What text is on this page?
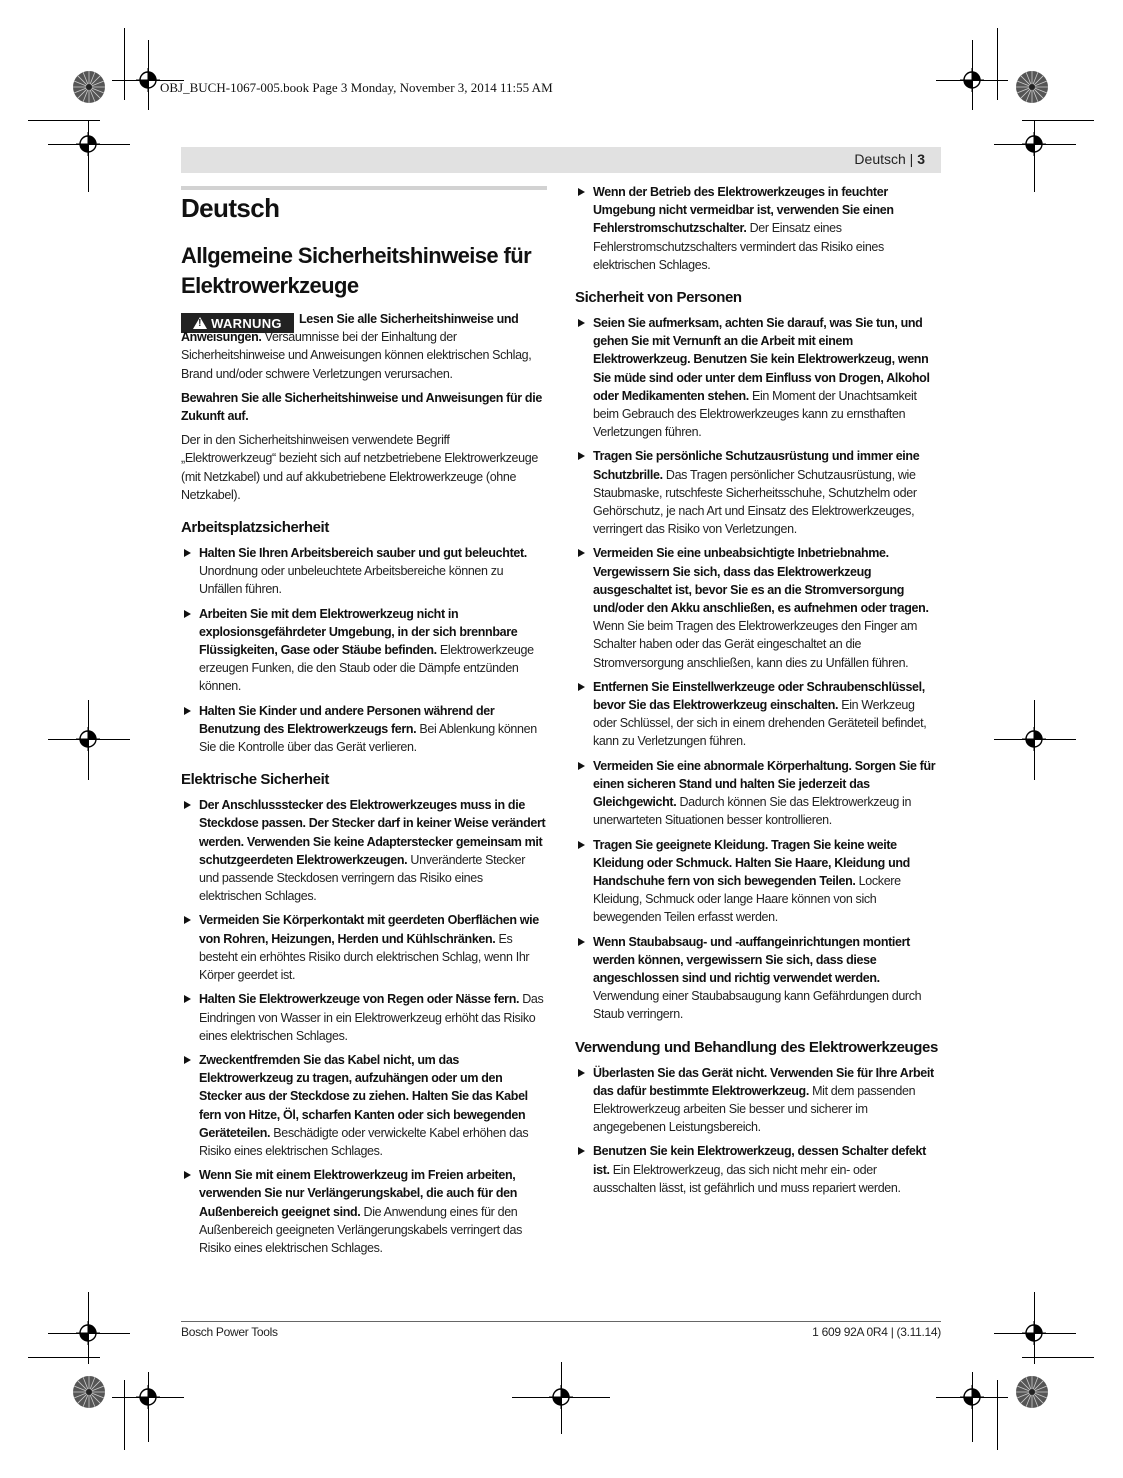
OBJ_BUCH-1067-005.book Page 3 Monday, November 3, 2014 11:55 AM
Deutsch | 3
Deutsch
Allgemeine Sicherheitshinweise für
Elektrowerkzeuge
! WARNUNG	Lesen Sie alle Sicherheitshinweise und Anweisungen. Versäumnisse bei der Einhaltung der Sicherheitshinweise und Anweisungen können elektrischen Schlag, Brand und/oder schwere Verletzungen verursachen.

Bewahren Sie alle Sicherheitshinweise und Anweisungen für die Zukunft auf.

Der in den Sicherheitshinweisen verwendete Begriff „Elektrowerkzeug“ bezieht sich auf netzbetriebene Elektrowerkzeuge (mit Netzkabel) und auf akkubetriebene Elektrowerkzeuge (ohne Netzkabel).

Arbeitsplatzsicherheit
Halten Sie Ihren Arbeitsbereich sauber und gut beleuchtet. Unordnung oder unbeleuchtete Arbeitsbereiche können zu Unfällen führen.
Arbeiten Sie mit dem Elektrowerkzeug nicht in explosionsgefährdeter Umgebung, in der sich brennbare Flüssigkeiten, Gase oder Stäube befinden. Elektrowerkzeuge erzeugen Funken, die den Staub oder die Dämpfe entzünden können.
Halten Sie Kinder und andere Personen während der Benutzung des Elektrowerkzeugs fern. Bei Ablenkung können Sie die Kontrolle über das Gerät verlieren.
Elektrische Sicherheit
Der Anschlussstecker des Elektrowerkzeuges muss in die Steckdose passen. Der Stecker darf in keiner Weise verändert werden. Verwenden Sie keine Adapterstecker gemeinsam mit schutzgeerdeten Elektrowerkzeugen. Unveränderte Stecker und passende Steckdosen verringern das Risiko eines elektrischen Schlages.
Vermeiden Sie Körperkontakt mit geerdeten Oberflächen wie von Rohren, Heizungen, Herden und Kühlschränken. Es besteht ein erhöhtes Risiko durch elektrischen Schlag, wenn Ihr Körper geerdet ist.
Halten Sie Elektrowerkzeuge von Regen oder Nässe fern. Das Eindringen von Wasser in ein Elektrowerkzeug erhöht das Risiko eines elektrischen Schlages.
Zweckentfremden Sie das Kabel nicht, um das Elektrowerkzeug zu tragen, aufzuhängen oder um den Stecker aus der Steckdose zu ziehen. Halten Sie das Kabel fern von Hitze, Öl, scharfen Kanten oder sich bewegenden Geräteteilen. Beschädigte oder verwickelte Kabel erhöhen das Risiko eines elektrischen Schlages.
Wenn Sie mit einem Elektrowerkzeug im Freien arbeiten, verwenden Sie nur Verlängerungskabel, die auch für den Außenbereich geeignet sind. Die Anwendung eines für den Außenbereich geeigneten Verlängerungskabels verringert das Risiko eines elektrischen Schlages.
Wenn der Betrieb des Elektrowerkzeuges in feuchter Umgebung nicht vermeidbar ist, verwenden Sie einen Fehlerstromschutzschalter. Der Einsatz eines Fehlerstromschutzschalters vermindert das Risiko eines elektrischen Schlages.
Sicherheit von Personen
Seien Sie aufmerksam, achten Sie darauf, was Sie tun, und gehen Sie mit Vernunft an die Arbeit mit einem Elektrowerkzeug. Benutzen Sie kein Elektrowerkzeug, wenn Sie müde sind oder unter dem Einfluss von Drogen, Alkohol oder Medikamenten stehen. Ein Moment der Unachtsamkeit beim Gebrauch des Elektrowerkzeuges kann zu ernsthaften Verletzungen führen.
Tragen Sie persönliche Schutzausrüstung und immer eine Schutzbrille. Das Tragen persönlicher Schutzausrüstung, wie Staubmaske, rutschfeste Sicherheitsschuhe, Schutzhelm oder Gehörschutz, je nach Art und Einsatz des Elektrowerkzeuges, verringert das Risiko von Verletzungen.
Vermeiden Sie eine unbeabsichtigte Inbetriebnahme. Vergewissern Sie sich, dass das Elektrowerkzeug ausgeschaltet ist, bevor Sie es an die Stromversorgung und/oder den Akku anschließen, es aufnehmen oder tragen. Wenn Sie beim Tragen des Elektrowerkzeuges den Finger am Schalter haben oder das Gerät eingeschaltet an die Stromversorgung anschließen, kann dies zu Unfällen führen.
Entfernen Sie Einstellwerkzeuge oder Schraubenschlüssel, bevor Sie das Elektrowerkzeug einschalten. Ein Werkzeug oder Schlüssel, der sich in einem drehenden Geräteteil befindet, kann zu Verletzungen führen.
Vermeiden Sie eine abnormale Körperhaltung. Sorgen Sie für einen sicheren Stand und halten Sie jederzeit das Gleichgewicht. Dadurch können Sie das Elektrowerkzeug in unerwarteten Situationen besser kontrollieren.
Tragen Sie geeignete Kleidung. Tragen Sie keine weite Kleidung oder Schmuck. Halten Sie Haare, Kleidung und Handschuhe fern von sich bewegenden Teilen. Lockere Kleidung, Schmuck oder lange Haare können von sich bewegenden Teilen erfasst werden.
Wenn Staubabsaug- und -auffangeinrichtungen montiert werden können, vergewissern Sie sich, dass diese angeschlossen sind und richtig verwendet werden. Verwendung einer Staubabsaugung kann Gefährdungen durch Staub verringern.
Verwendung und Behandlung des Elektrowerkzeuges
Überlasten Sie das Gerät nicht. Verwenden Sie für Ihre Arbeit das dafür bestimmte Elektrowerkzeug. Mit dem passenden Elektrowerkzeug arbeiten Sie besser und sicherer im angegebenen Leistungsbereich.
Benutzen Sie kein Elektrowerkzeug, dessen Schalter defekt ist. Ein Elektrowerkzeug, das sich nicht mehr ein- oder ausschalten lässt, ist gefährlich und muss repariert werden.
Bosch Power Tools	1 609 92A 0R4 | (3.11.14)
